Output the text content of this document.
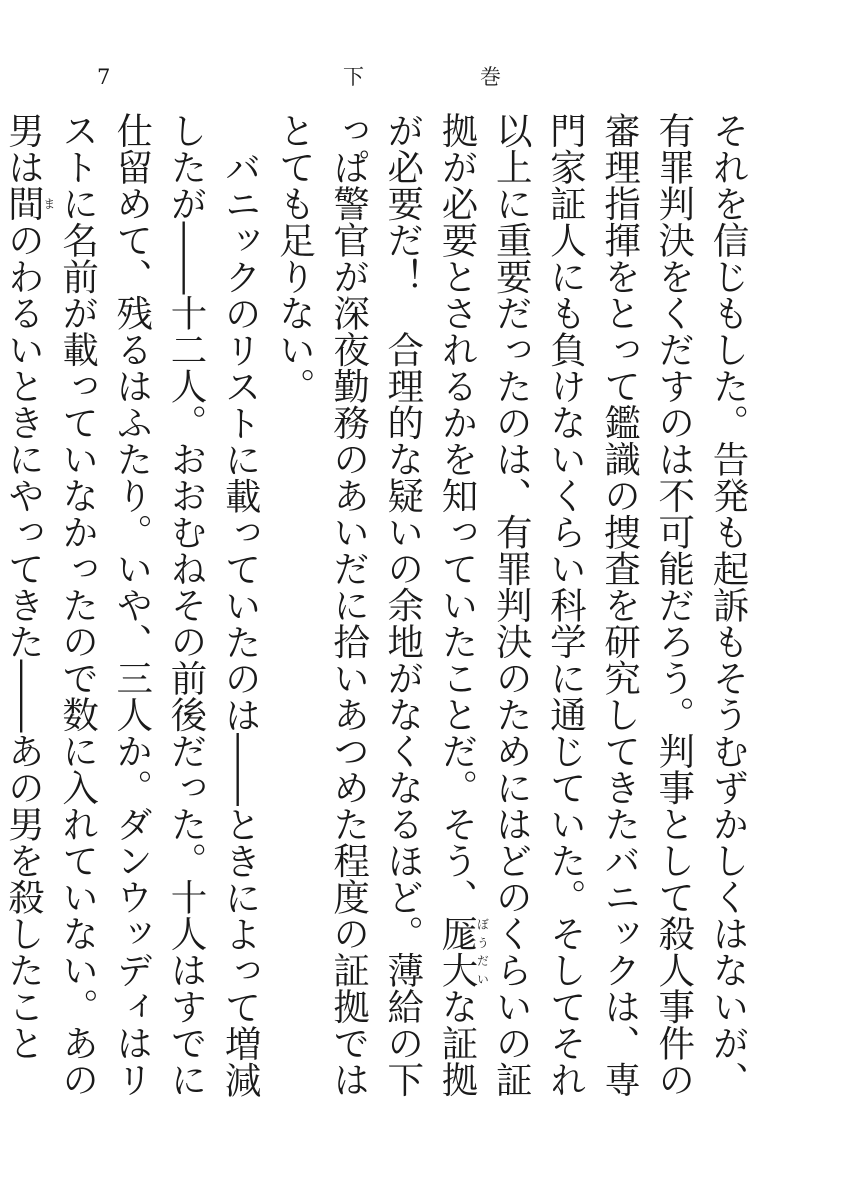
7	下	巻

それを信じもした。告発も起訴もそうむずかしくはないが、有罪判決をくだすのは不可能だろう。判事として殺人事件の審理指揮をとって鑑識の捜査を研究してきたバニックは、専門家証人にも負けないくらい科学に通じていた。そしてそれ以上に重要だったのは、有罪判決のためにはどのくらいの証拠が必要とされるかを知っていたことだ。そう、厖大ぼうだいな証拠が必要だ！　合理的な疑いの余地がなくなるほど。薄給の下っぱ警官が深夜勤務のあいだに拾いあつめた程度の証拠ではとても足りない。

バニックのリストに載っていたのは――ときによって増減したが――十二人。おおむねその前後だった。十人はすでに仕留めて、残るはふたり。いや、三人か。ダンウッディはリストに名前が載っていなかったので数に入れていない。あの男は間まのわるいときにやってきた――あの男を殺したこと
